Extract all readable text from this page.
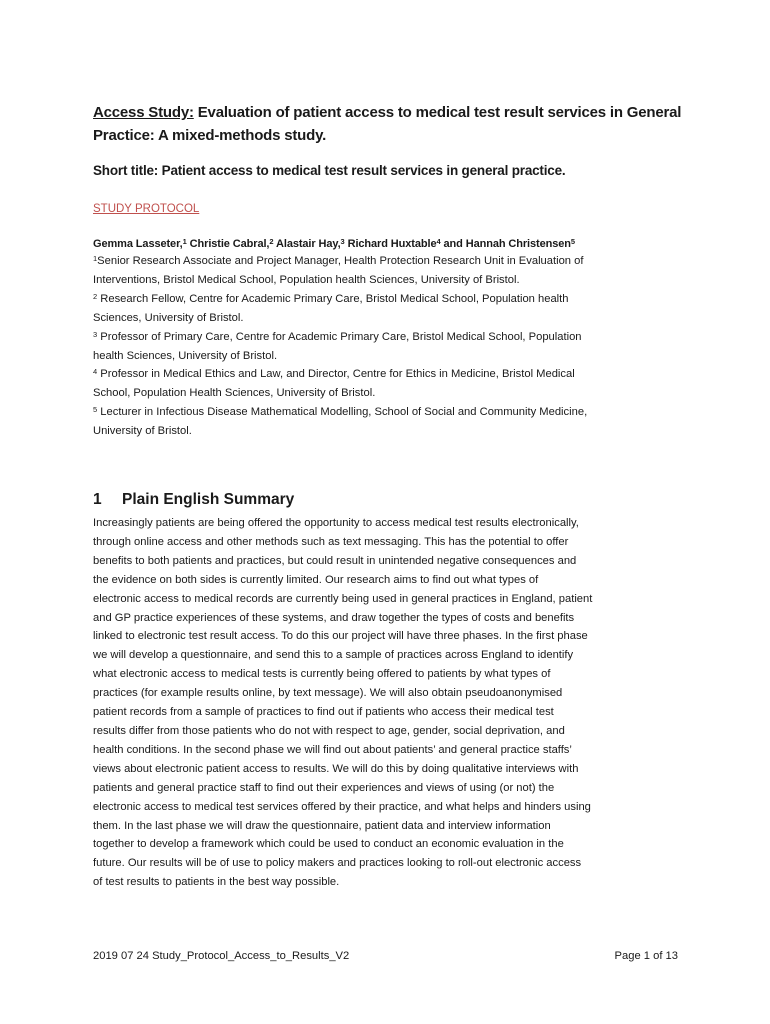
Access Study: Evaluation of patient access to medical test result services in General Practice: A mixed-methods study.
Short title: Patient access to medical test result services in general practice.
STUDY PROTOCOL
Gemma Lasseter,$^1$ Christie Cabral,$^2$ Alastair Hay,$^3$ Richard Huxtable$^4$ and Hannah Christensen$^5$
$^1$Senior Research Associate and Project Manager, Health Protection Research Unit in Evaluation of
Interventions, Bristol Medical School, Population health Sciences, University of Bristol.
$^2$ Research Fellow, Centre for Academic Primary Care, Bristol Medical School, Population health
Sciences, University of Bristol.
$^3$ Professor of Primary Care, Centre for Academic Primary Care, Bristol Medical School, Population
health Sciences, University of Bristol.
$^4$ Professor in Medical Ethics and Law, and Director, Centre for Ethics in Medicine, Bristol Medical
School, Population Health Sciences, University of Bristol.
$^5$ Lecturer in Infectious Disease Mathematical Modelling, School of Social and Community Medicine,
University of Bristol.
1 Plain English Summary
Increasingly patients are being offered the opportunity to access medical test results electronically,
through online access and other methods such as text messaging. This has the potential to offer
benefits to both patients and practices, but could result in unintended negative consequences and
the evidence on both sides is currently limited. Our research aims to find out what types of
electronic access to medical records are currently being used in general practices in England, patient
and GP practice experiences of these systems, and draw together the types of costs and benefits
linked to electronic test result access. To do this our project will have three phases. In the first phase
we will develop a questionnaire, and send this to a sample of practices across England to identify
what electronic access to medical tests is currently being offered to patients by what types of
practices (for example results online, by text message). We will also obtain pseudoanonymised
patient records from a sample of practices to find out if patients who access their medical test
results differ from those patients who do not with respect to age, gender, social deprivation, and
health conditions. In the second phase we will find out about patients’ and general practice staffs’
views about electronic patient access to results. We will do this by doing qualitative interviews with
patients and general practice staff to find out their experiences and views of using (or not) the
electronic access to medical test services offered by their practice, and what helps and hinders using
them. In the last phase we will draw the questionnaire, patient data and interview information
together to develop a framework which could be used to conduct an economic evaluation in the
future. Our results will be of use to policy makers and practices looking to roll-out electronic access
of test results to patients in the best way possible.
2019 07 24 Study_Protocol_Access_to_Results_V2	Page 1 of 13
